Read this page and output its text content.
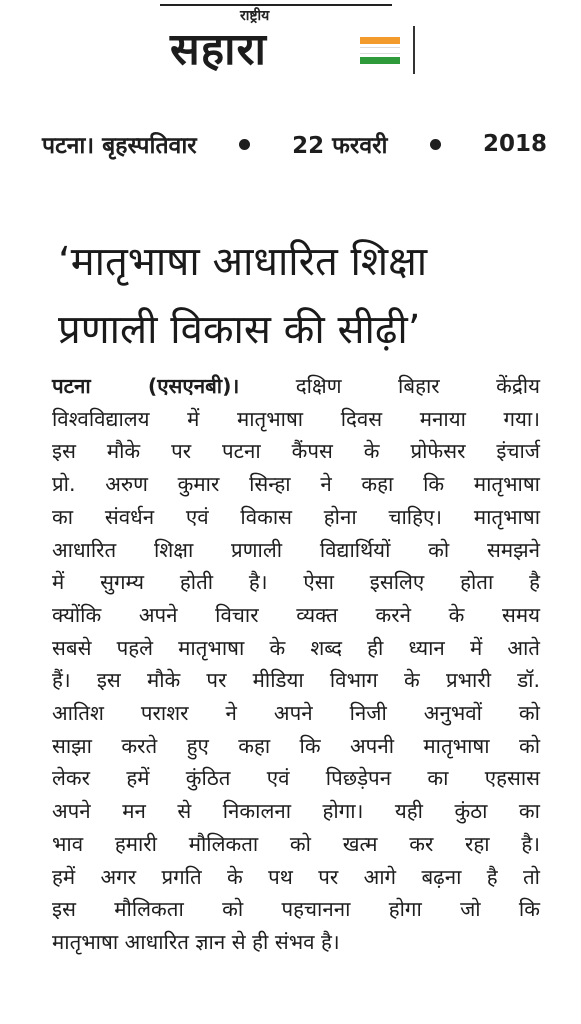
राष्ट्रीय
सहारा
पटना। बृहस्पतिवार	22 फरवरी	2018
‘मातृभाषा आधारित शिक्षा
प्रणाली विकास की सीढ़ी’
पटना (एसएनबी)। दक्षिण बिहार केंद्रीय
विश्वविद्यालय में मातृभाषा दिवस मनाया गया।
इस मौके पर पटना कैंपस के प्रोफेसर इंचार्ज
प्रो. अरुण कुमार सिन्हा ने कहा कि मातृभाषा
का संवर्धन एवं विकास होना चाहिए। मातृभाषा
आधारित शिक्षा प्रणाली विद्यार्थियों को समझने
में सुगम्य होती है। ऐसा इसलिए होता है
क्योंकि अपने विचार व्यक्त करने के समय
सबसे पहले मातृभाषा के शब्द ही ध्यान में आते
हैं। इस मौके पर मीडिया विभाग के प्रभारी डॉ.
आतिश पराशर ने अपने निजी अनुभवों को
साझा करते हुए कहा कि अपनी मातृभाषा को
लेकर हमें कुंठित एवं पिछड़ेपन का एहसास
अपने मन से निकालना होगा। यही कुंठा का
भाव हमारी मौलिकता को खत्म कर रहा है।
हमें अगर प्रगति के पथ पर आगे बढ़ना है तो
इस मौलिकता को पहचानना होगा जो कि
मातृभाषा आधारित ज्ञान से ही संभव है।
